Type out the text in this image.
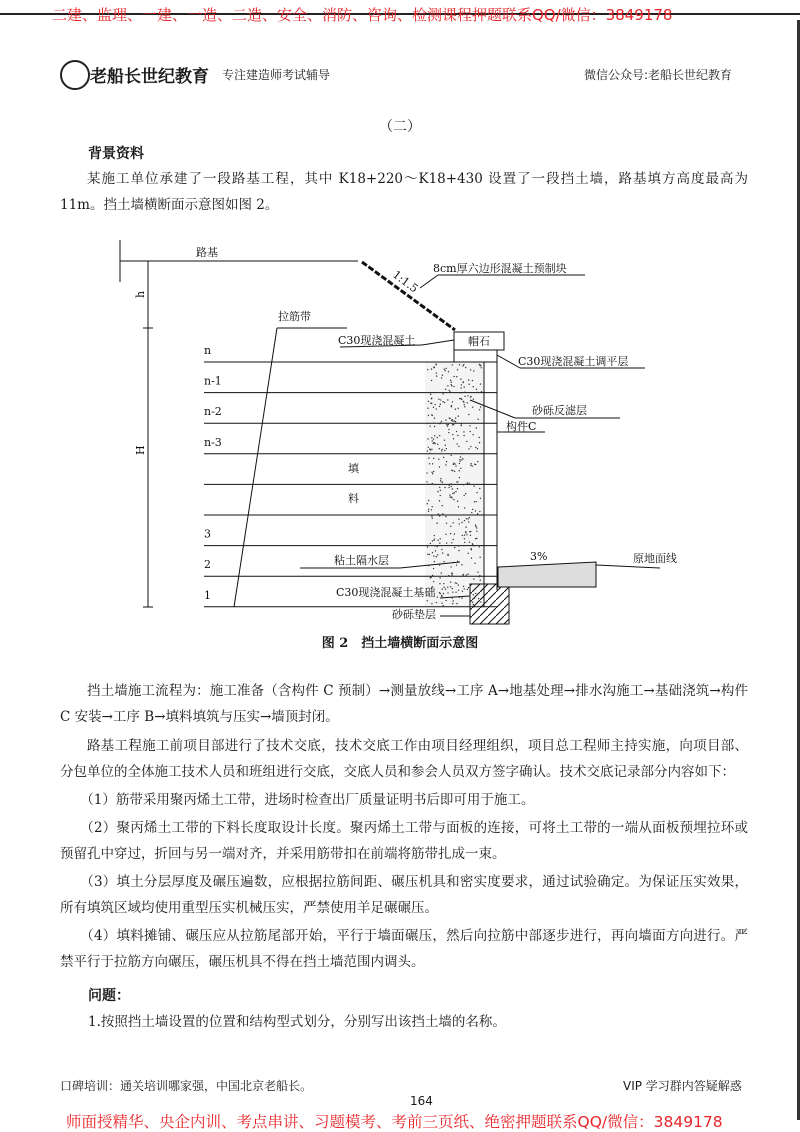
二建、监理、一建、一造、二造、安全、消防、咨询、检测课程押题联系QQ/微信：3849178
老船长世纪教育 专注建造师考试辅导	微信公众号:老船长世纪教育
（二）
背景资料

某施工单位承建了一段路基工程，其中 K18+220～K18+430 设置了一段挡土墙，路基填方高度最高为 11m。挡土墙横断面示意图如图 2。

路基
1:1.5 8cm厚六边形混凝土预制块
h
H
拉筋带
C30现浇混凝土	帽石
C30现浇混凝土调平层
砂砾反滤层
构件C
填
料
粘土隔水层	3%	原地面线
C30现浇混凝土基础
砂砾垫层
n
n-1
n-2
n-3
3
2
1
图 2　挡土墙横断面示意图

挡土墙施工流程为：施工准备（含构件 C 预制）→测量放线→工序 A→地基处理→排水沟施工→基础浇筑→构件 C 安装→工序 B→填料填筑与压实→墙顶封闭。

路基工程施工前项目部进行了技术交底，技术交底工作由项目经理组织，项目总工程师主持实施，向项目部、分包单位的全体施工技术人员和班组进行交底，交底人员和参会人员双方签字确认。技术交底记录部分内容如下：

（1）筋带采用聚丙烯土工带，进场时检查出厂质量证明书后即可用于施工。

（2）聚丙烯土工带的下料长度取设计长度。聚丙烯土工带与面板的连接，可将土工带的一端从面板预埋拉环或预留孔中穿过，折回与另一端对齐，并采用筋带扣在前端将筋带扎成一束。

（3）填土分层厚度及碾压遍数，应根据拉筋间距、碾压机具和密实度要求，通过试验确定。为保证压实效果，所有填筑区域均使用重型压实机械压实，严禁使用羊足碾碾压。

（4）填料摊铺、碾压应从拉筋尾部开始，平行于墙面碾压，然后向拉筋中部逐步进行，再向墙面方向进行。严禁平行于拉筋方向碾压，碾压机具不得在挡土墙范围内调头。

问题：
1.按照挡土墙设置的位置和结构型式划分，分别写出该挡土墙的名称。
口碑培训：通关培训哪家强，中国北京老船长。	VIP 学习群内答疑解惑
164
师面授精华、央企内训、考点串讲、习题模考、考前三页纸、绝密押题联系QQ/微信：3849178
